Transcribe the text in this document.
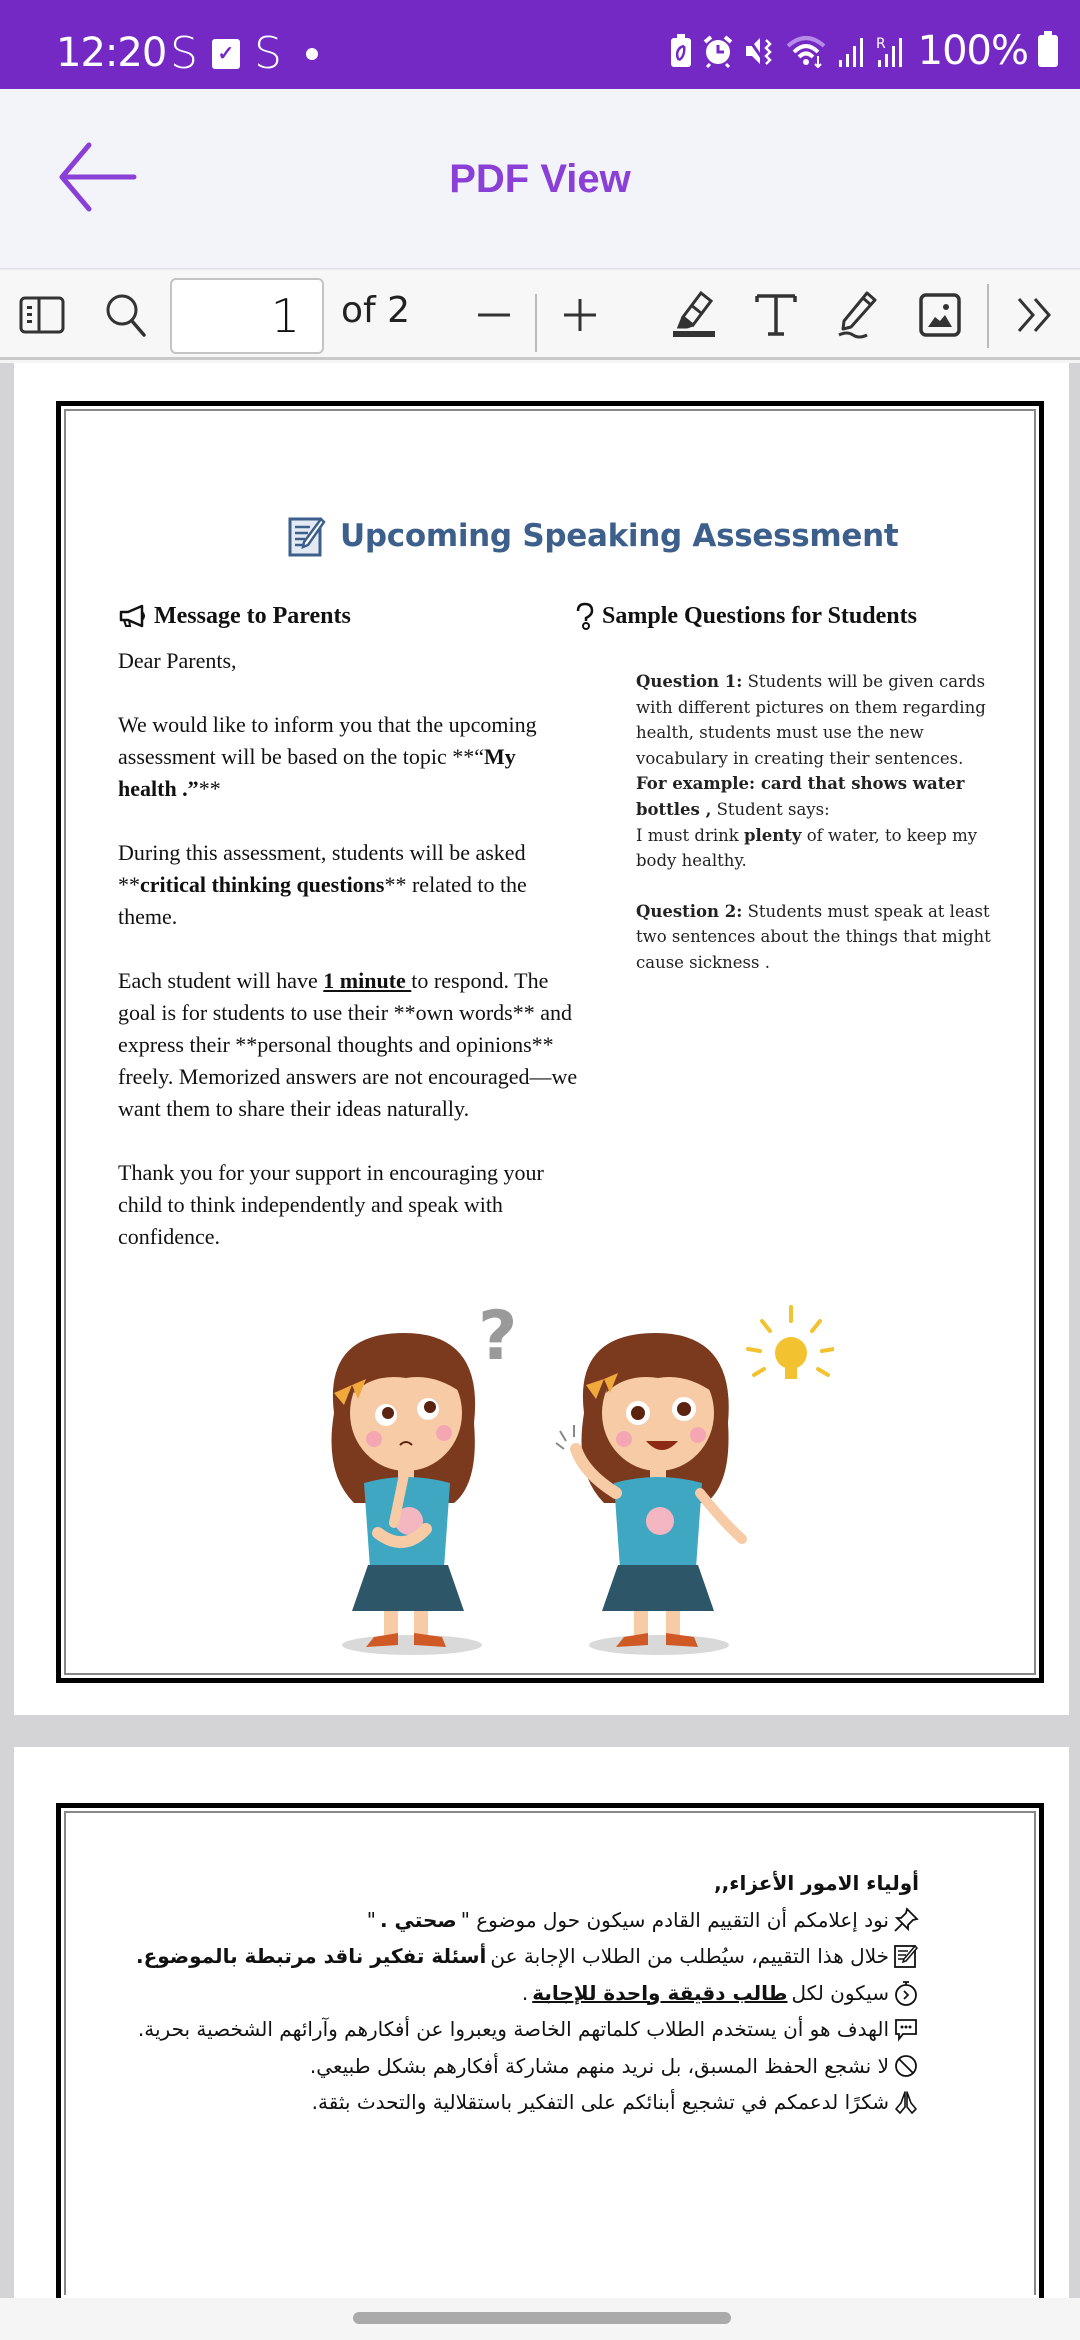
12:20 S ✓ S	R 100%
PDF View
1	of 2
Upcoming Speaking Assessment
Message to Parents

Dear Parents,

We would like to inform you that the upcoming assessment will be based on the topic **“My health .”**

During this assessment, students will be asked **critical thinking questions** related to the theme.

Each student will have 1 minute to respond. The goal is for students to use their **own words** and express their **personal thoughts and opinions** freely. Memorized answers are not encouraged—we want them to share their ideas naturally.

Thank you for your support in encouraging your child to think independently and speak with confidence.

Sample Questions for Students

Question 1: Students will be given cards with different pictures on them regarding health, students must use the new vocabulary in creating their sentences.

For example: card that shows water bottles , Student says:

I must drink plenty of water, to keep my body healthy.

Question 2: Students must speak at least two sentences about the things that might cause sickness .

?
أولياء الامور الأعزاء,,
نود إعلامكم أن التقييم القادم سيكون حول موضوع "
صحتي .
"
خلال هذا التقييم، سيُطلب من الطلاب الإجابة عن
أسئلة تفكير ناقد مرتبطة بالموضوع.
سيكون لكل
طالب دقيقة واحدة للإجابة
.
الهدف هو أن يستخدم الطلاب كلماتهم الخاصة ويعبروا عن أفكارهم وآرائهم الشخصية بحرية.
لا نشجع الحفظ المسبق، بل نريد منهم مشاركة أفكارهم بشكل طبيعي.
شكرًا لدعمكم في تشجيع أبنائكم على التفكير باستقلالية والتحدث بثقة.
